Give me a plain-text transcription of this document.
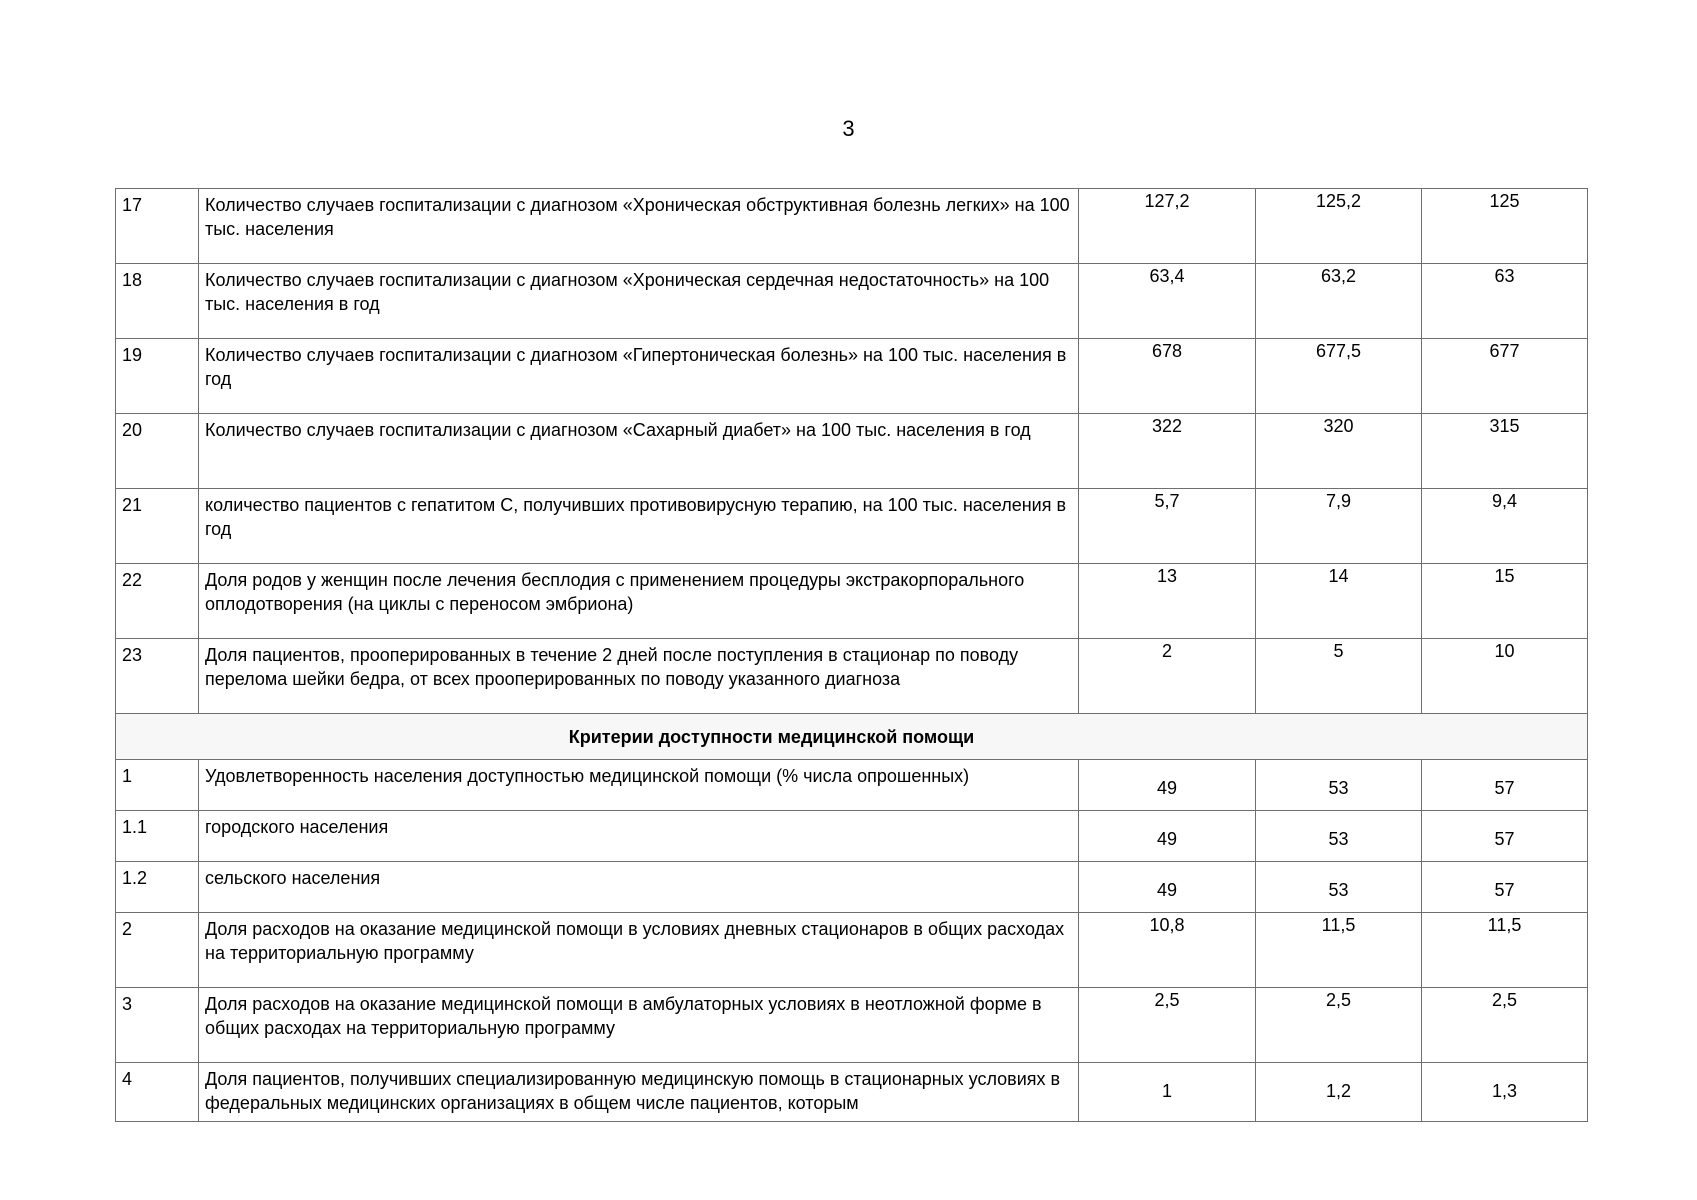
3
17	Количество случаев госпитализации с диагнозом «Хроническая обструктивная болезнь легких» на 100 тыс. населения	127,2	125,2	125
18	Количество случаев госпитализации с диагнозом «Хроническая сердечная недостаточность» на 100 тыс. населения в год	63,4	63,2	63
19	Количество случаев госпитализации с диагнозом «Гипертоническая болезнь» на 100 тыс. населения в год	678	677,5	677
20	Количество случаев госпитализации с диагнозом «Сахарный диабет» на 100 тыс. населения в год	322	320	315
21	количество пациентов с гепатитом С, получивших противовирусную терапию, на 100 тыс. населения в год	5,7	7,9	9,4
22	Доля родов у женщин после лечения бесплодия с применением процедуры экстракорпорального оплодотворения (на циклы с переносом эмбриона)	13	14	15
23	Доля пациентов, прооперированных в течение 2 дней после поступления в стационар по поводу перелома шейки бедра, от всех прооперированных по поводу указанного диагноза	2	5	10
Критерии доступности медицинской помощи				
1	Удовлетворенность населения доступностью медицинской помощи (% числа опрошенных)	49	53	57
1.1	городского населения	49	53	57
1.2	сельского населения	49	53	57
2	Доля расходов на оказание медицинской помощи в условиях дневных стационаров в общих расходах на территориальную программу	10,8	11,5	11,5
3	Доля расходов на оказание медицинской помощи в амбулаторных условиях в неотложной форме в общих расходах на территориальную программу	2,5	2,5	2,5
4	Доля пациентов, получивших специализированную медицинскую помощь в стационарных условиях в федеральных медицинских организациях в общем числе пациентов, которым	1	1,2	1,3
